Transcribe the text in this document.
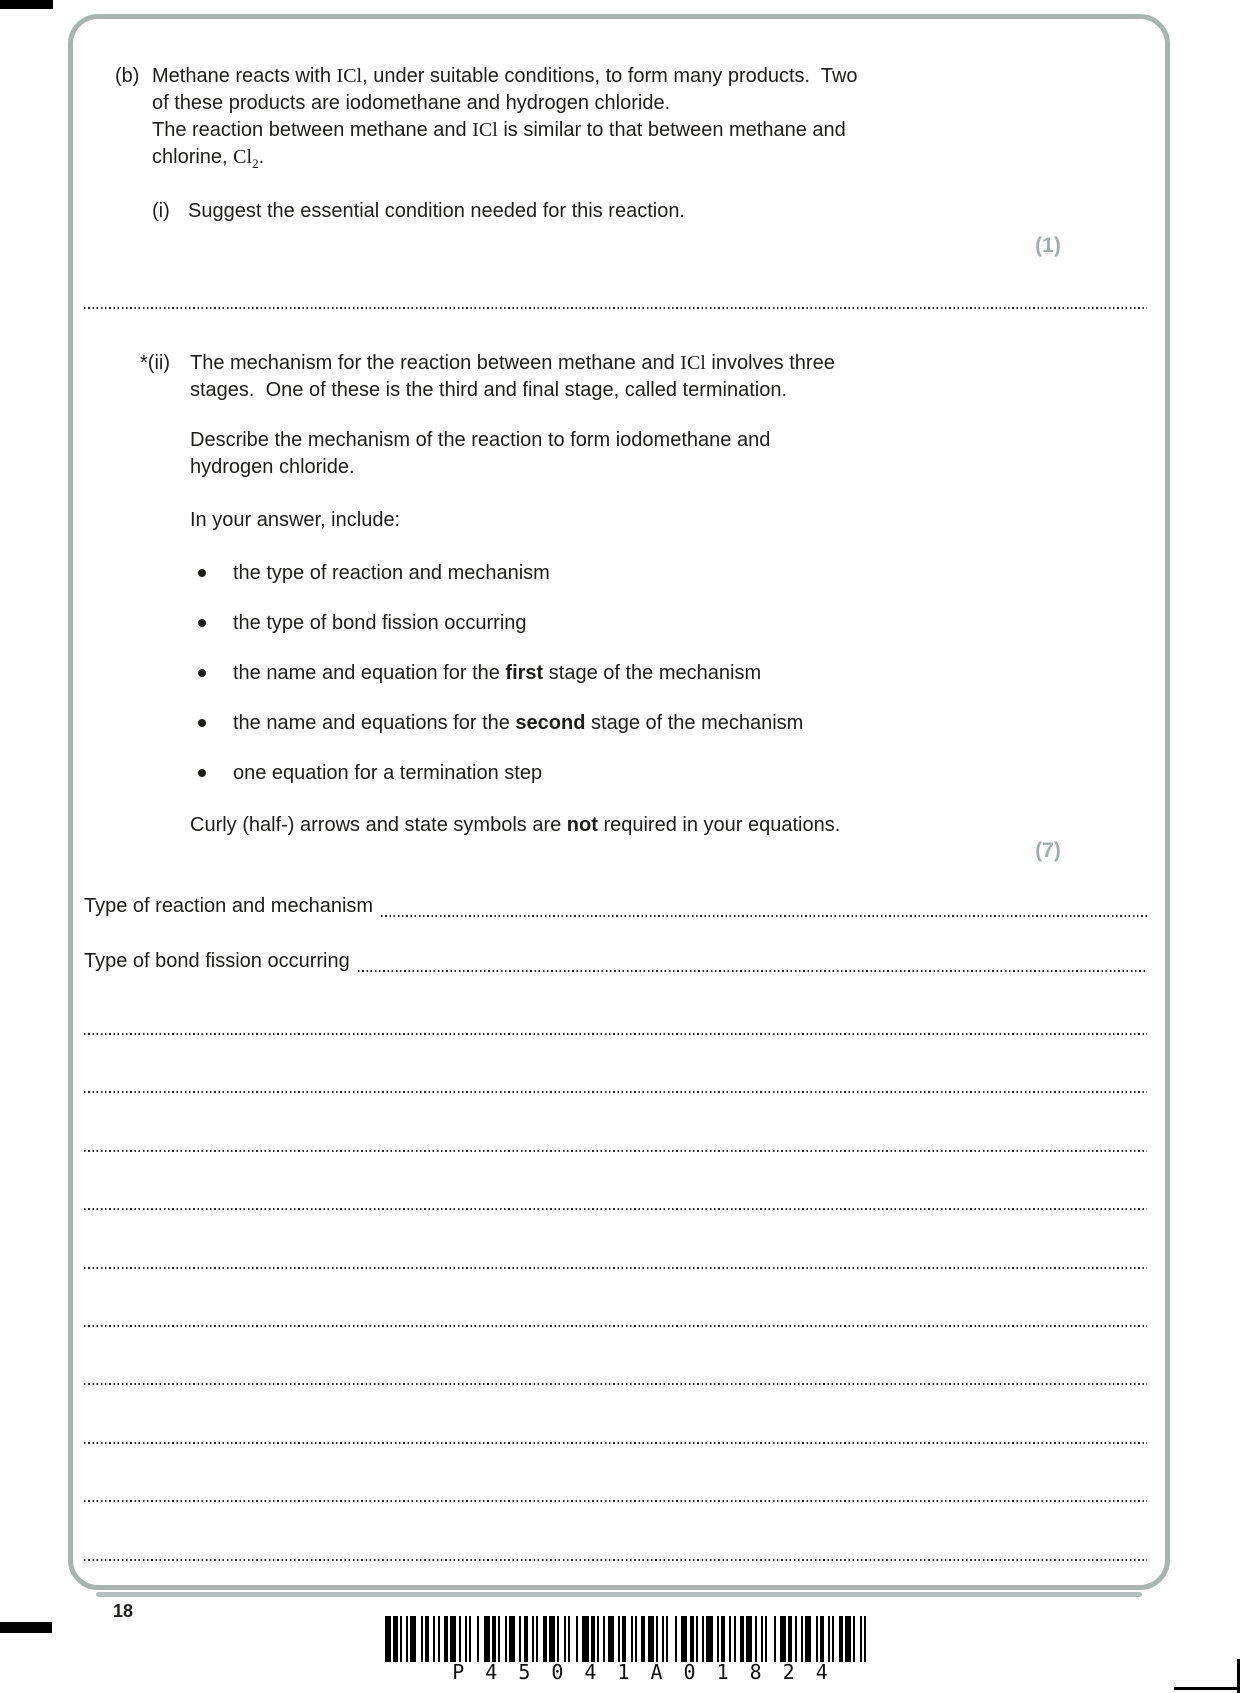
(b) Methane reacts with ICl, under suitable conditions, to form many products.  Two
of these products are iodomethane and hydrogen chloride.
The reaction between methane and ICl is similar to that between methane and
chlorine, $Cl_2$.
(i) Suggest the essential condition needed for this reaction.
(1)
*(ii)	The mechanism for the reaction between methane and ICl involves three
stages.  One of these is the third and final stage, called termination.
Describe the mechanism of the reaction to form iodomethane and
hydrogen chloride.
In your answer, include:
the type of reaction and mechanism
the type of bond fission occurring
the name and equation for the first stage of the mechanism
the name and equations for the second stage of the mechanism
one equation for a termination step
Curly (half-) arrows and state symbols are not required in your equations.
(7)
Type of reaction and mechanism
Type of bond fission occurring
18
P45041A01824
